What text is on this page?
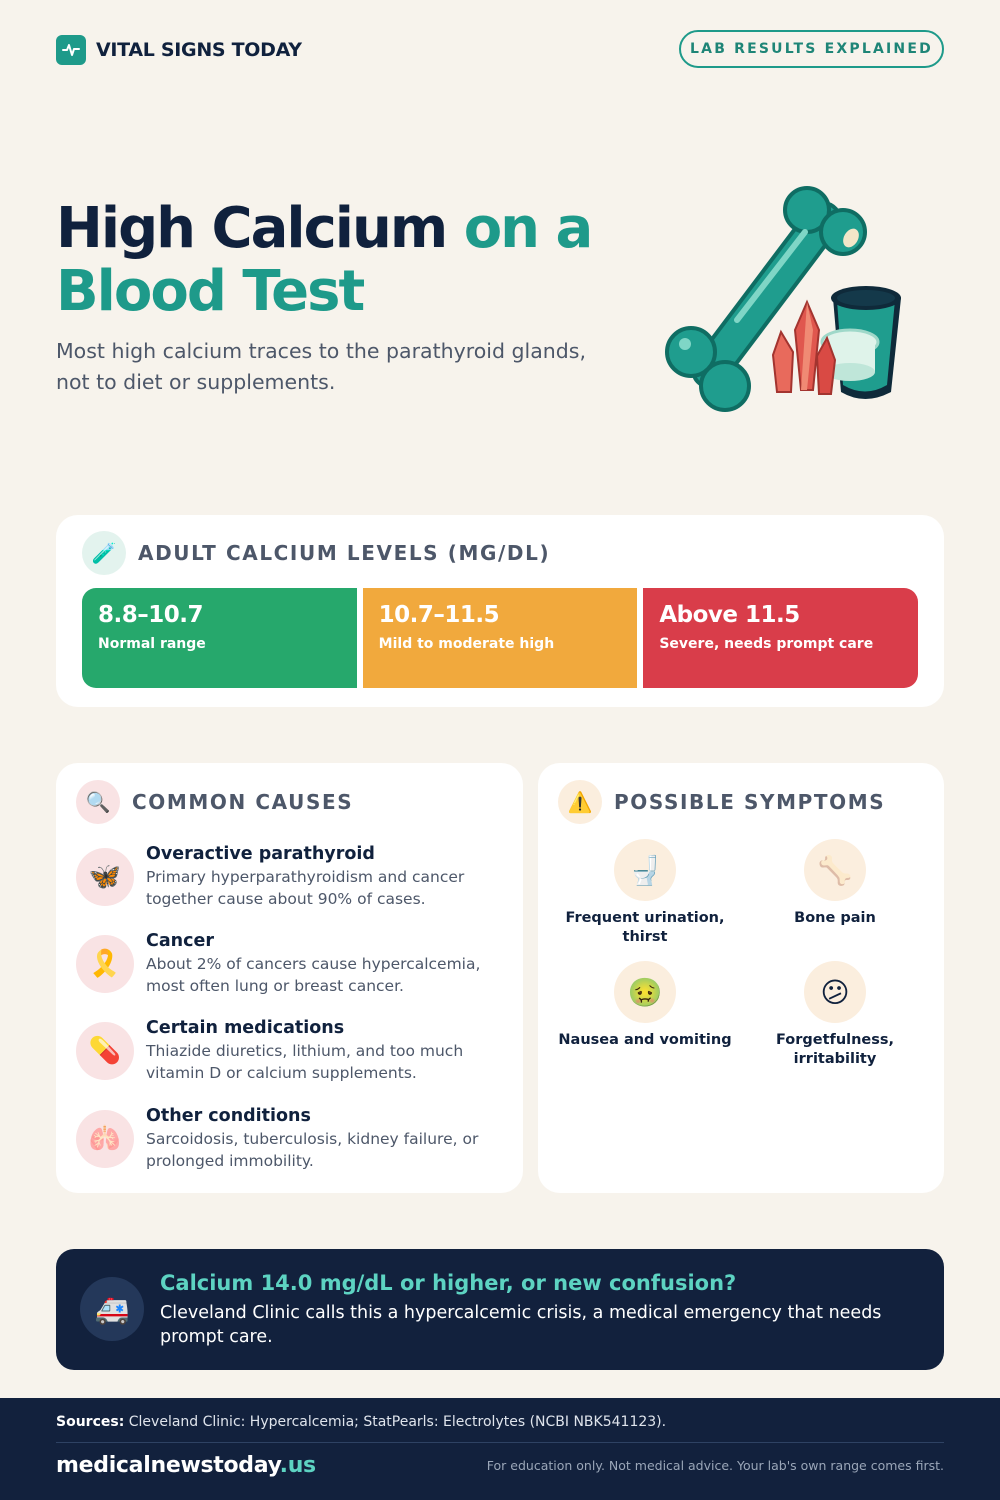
VITAL SIGNS TODAY	LAB RESULTS EXPLAINED
High Calcium on a Blood Test

Most high calcium traces to the parathyroid glands, not to diet or supplements.

🧪	ADULT CALCIUM LEVELS (MG/DL)
8.8–10.7
Normal range
10.7–11.5
Mild to moderate high
Above 11.5
Severe, needs prompt care
🔍	COMMON CAUSES
🦋
Overactive parathyroid
Primary hyperparathyroidism and cancer together cause about 90% of cases.
🎗️
Cancer
About 2% of cancers cause hypercalcemia, most often lung or breast cancer.
💊
Certain medications
Thiazide diuretics, lithium, and too much vitamin D or calcium supplements.
🫁
Other conditions
Sarcoidosis, tuberculosis, kidney failure, or prolonged immobility.
⚠️	POSSIBLE SYMPTOMS
🚽
Frequent urination, thirst
🦴
Bone pain
🤢
Nausea and vomiting
😕
Forgetfulness, irritability
🚑
Calcium 14.0 mg/dL or higher, or new confusion?
Cleveland Clinic calls this a hypercalcemic crisis, a medical emergency that needs prompt care.
Sources: Cleveland Clinic: Hypercalcemia; StatPearls: Electrolytes (NCBI NBK541123).
medicalnewstoday.us	For education only. Not medical advice. Your lab's own range comes first.
